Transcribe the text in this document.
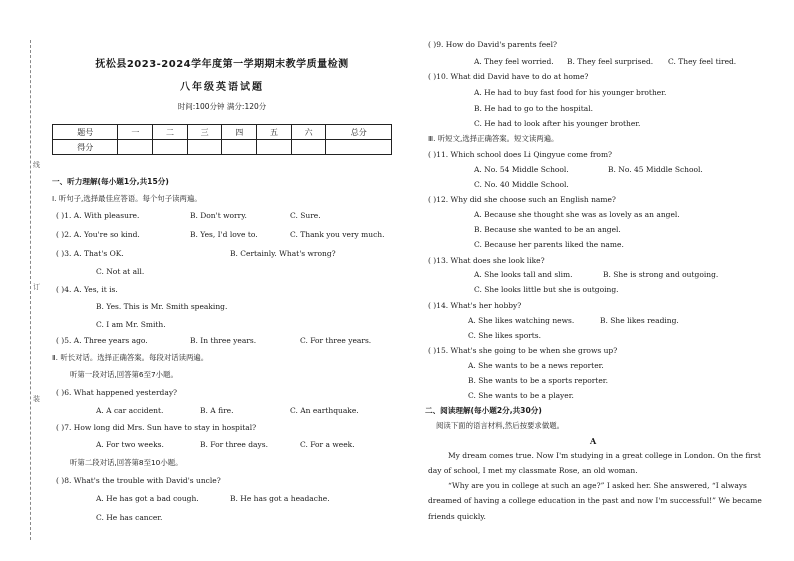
线
订
装
抚松县2023-2024学年度第一学期期末教学质量检测
八年级英语试题
时间:100分钟 满分:120分
题号	一	二	三	四	五	六	总分
得分							
一、听力理解(每小题1分,共15分)
Ⅰ. 听句子,选择最佳应答语。每个句子读两遍。
( )1. A. With pleasure.	B. Don't worry.	C. Sure.
( )2. A. You're so kind.	B. Yes, I'd love to.	C. Thank you very much.
( )3. A. That's OK.	B. Certainly. What's wrong?
C. Not at all.
( )4. A. Yes, it is.
B. Yes. This is Mr. Smith speaking.
C. I am Mr. Smith.
( )5. A. Three years ago.	B. In three years.	C. For three years.
Ⅱ. 听长对话。选择正确答案。每段对话读两遍。
听第一段对话,回答第6至7小题。
( )6. What happened yesterday?
A. A car accident.	B. A fire.	C. An earthquake.
( )7. How long did Mrs. Sun have to stay in hospital?
A. For two weeks.	B. For three days.	C. For a week.
听第二段对话,回答第8至10小题。
( )8. What's the trouble with David's uncle?
A. He has got a bad cough.	B. He has got a headache.
C. He has cancer.
( )9. How do David's parents feel?
A. They feel worried. B. They feel surprised. C. They feel tired.
( )10. What did David have to do at home?
A. He had to buy fast food for his younger brother.
B. He had to go to the hospital.
C. He had to look after his younger brother.
Ⅲ. 听短文,选择正确答案。短文读两遍。
( )11. Which school does Li Qingyue come from?
A. No. 54 Middle School.	B. No. 45 Middle School.
C. No. 40 Middle School.
( )12. Why did she choose such an English name?
A. Because she thought she was as lovely as an angel.
B. Because she wanted to be an angel.
C. Because her parents liked the name.
( )13. What does she look like?
A. She looks tall and slim.	B. She is strong and outgoing.
C. She looks little but she is outgoing.
( )14. What's her hobby?
A. She likes watching news.	B. She likes reading.
C. She likes sports.
( )15. What's she going to be when she grows up?
A. She wants to be a news reporter.
B. She wants to be a sports reporter.
C. She wants to be a player.
二、阅读理解(每小题2分,共30分)
阅读下面的语言材料,然后按要求做题。
A
My dream comes true. Now I'm studying in a great college in London. On the first
day of school, I met my classmate Rose, an old woman.
“Why are you in college at such an age?” I asked her. She answered, “I always
dreamed of having a college education in the past and now I'm successful!” We became
friends quickly.
